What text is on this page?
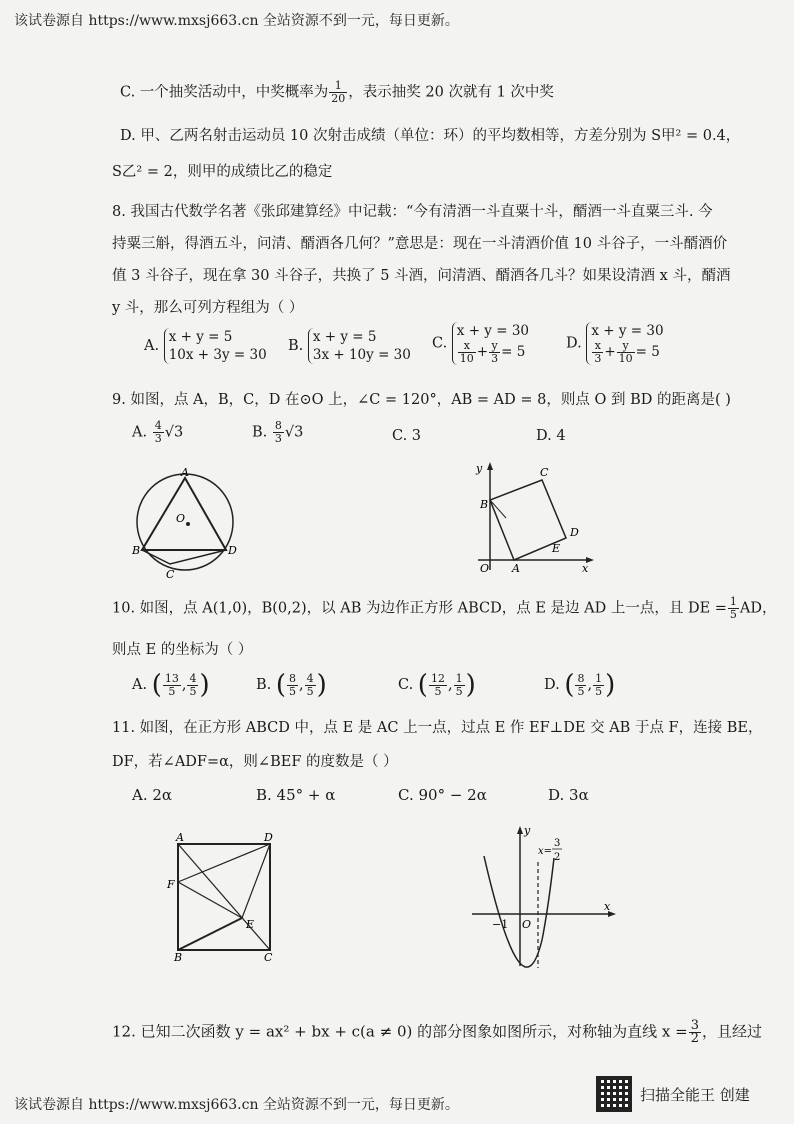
该试卷源自 https://www.mxsj663.cn 全站资源不到一元，每日更新。
C. 一个抽奖活动中，中奖概率为 $\frac{1}{20}$ ，表示抽奖 20 次就有 1 次中奖
D. 甲、乙两名射击运动员 10 次射击成绩（单位：环）的平均数相等，方差分别为 S甲² = 0.4，
S乙² = 2，则甲的成绩比乙的稳定
8. 我国古代数学名著《张邱建算经》中记载：“今有清酒一斗直粟十斗，醑酒一斗直粟三斗. 今
持粟三斛，得酒五斗，问清、醑酒各几何？”意思是：现在一斗清酒价值 10 斗谷子，一斗醑酒价
值 3 斗谷子，现在拿 30 斗谷子，共换了 5 斗酒，问清酒、醑酒各几斗？如果设清酒 x 斗，醑酒
y 斗，那么可列方程组为（ ）
A.
x + y = 5
10x + 3y = 30
B.
x + y = 5
3x + 10y = 30
C.
x + y = 30
$\frac{x}{10} + \frac{y}{3} = 5$
D.
x + y = 30
$\frac{x}{3} + \frac{y}{10} = 5$
9. 如图，点 A，B，C，D 在⊙O 上，∠C = 120°，AB = AD = 8，则点 O 到 BD 的距离是( )
A. $\frac{4}{3} √3$	B. $\frac{8}{3} √3$	C. 3	D. 4
A
B
C
D
O
y
x
O A
B
C
D
E
10. 如图，点 A(1,0)，B(0,2)，以 AB 为边作正方形 ABCD，点 E 是边 AD 上一点，且 DE = $\frac{1}{5}$ AD，
则点 E 的坐标为（ ）
A. ( $\frac{13}{5}$ , $\frac{4}{5}$ )	B. ( $\frac{8}{5}$ , $\frac{4}{5}$ )	C. ( $\frac{12}{5}$ , $\frac{1}{5}$ )	D. ( $\frac{8}{5}$ , $\frac{1}{5}$ )
11. 如图，在正方形 ABCD 中，点 E 是 AC 上一点，过点 E 作 EF⊥DE 交 AB 于点 F，连接 BE，
DF，若∠ADF=α，则∠BEF 的度数是（ ）
A. 2α	B. 45° + α	C. 90° − 2α	D. 3α
A	D
F
E
B	C
y
x
O
−1
x=
3
2
12. 已知二次函数 y = ax² + bx + c(a ≠ 0) 的部分图象如图所示，对称轴为直线 $x = \frac{3}{2}$ ，且经过
该试卷源自 https://www.mxsj663.cn 全站资源不到一元，每日更新。
扫描全能王 创建
